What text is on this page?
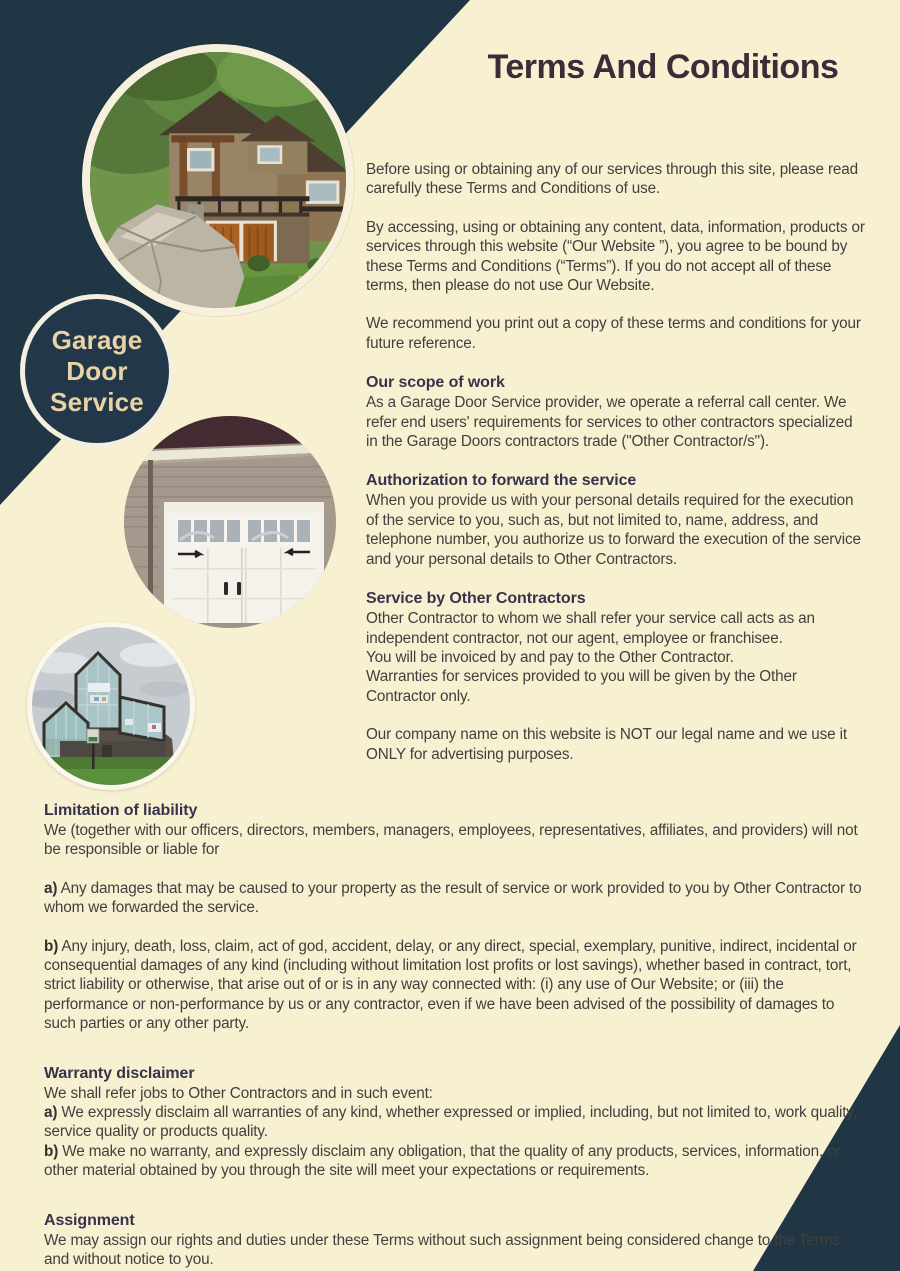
Garage
Door
Service
Terms And Conditions

Before using or obtaining any of our services through this site, please read carefully these Terms and Conditions of use.

By accessing, using or obtaining any content, data, information, products or services through this website (“Our Website ”), you agree to be bound by these Terms and Conditions (“Terms”). If you do not accept all of these terms, then please do not use Our Website.

We recommend you print out a copy of these terms and conditions for your future reference.

Our scope of work
As a Garage Door Service provider, we operate a referral call center. We refer end users' requirements for services to other contractors specialized in the Garage Doors contractors trade ("Other Contractor/s").
Authorization to forward the service
When you provide us with your personal details required for the execution of the service to you, such as, but not limited to, name, address, and telephone number, you authorize us to forward the execution of the service and your personal details to Other Contractors.
Service by Other Contractors
Other Contractor to whom we shall refer your service call acts as an independent contractor, not our agent, employee or franchisee.
You will be invoiced by and pay to the Other Contractor.
Warranties for services provided to you will be given by the Other Contractor only.
Our company name on this website is NOT our legal name and we use it ONLY for advertising purposes.
Limitation of liability
We (together with our officers, directors, members, managers, employees, representatives, affiliates, and providers) will not be responsible or liable for
a) Any damages that may be caused to your property as the result of service or work provided to you by Other Contractor to whom we forwarded the service.
b) Any injury, death, loss, claim, act of god, accident, delay, or any direct, special, exemplary, punitive, indirect, incidental or consequential damages of any kind (including without limitation lost profits or lost savings), whether based in contract, tort, strict liability or otherwise, that arise out of or is in any way connected with: (i) any use of Our Website; or (iii) the performance or non-performance by us or any contractor, even if we have been advised of the possibility of damages to such parties or any other party.
Warranty disclaimer
We shall refer jobs to Other Contractors and in such event:
a) We expressly disclaim all warranties of any kind, whether expressed or implied, including, but not limited to, work quality, service quality or products quality.
b) We make no warranty, and expressly disclaim any obligation, that the quality of any products, services, information, or other material obtained by you through the site will meet your expectations or requirements.
Assignment
We may assign our rights and duties under these Terms without such assignment being considered change to the Terms and without notice to you.
